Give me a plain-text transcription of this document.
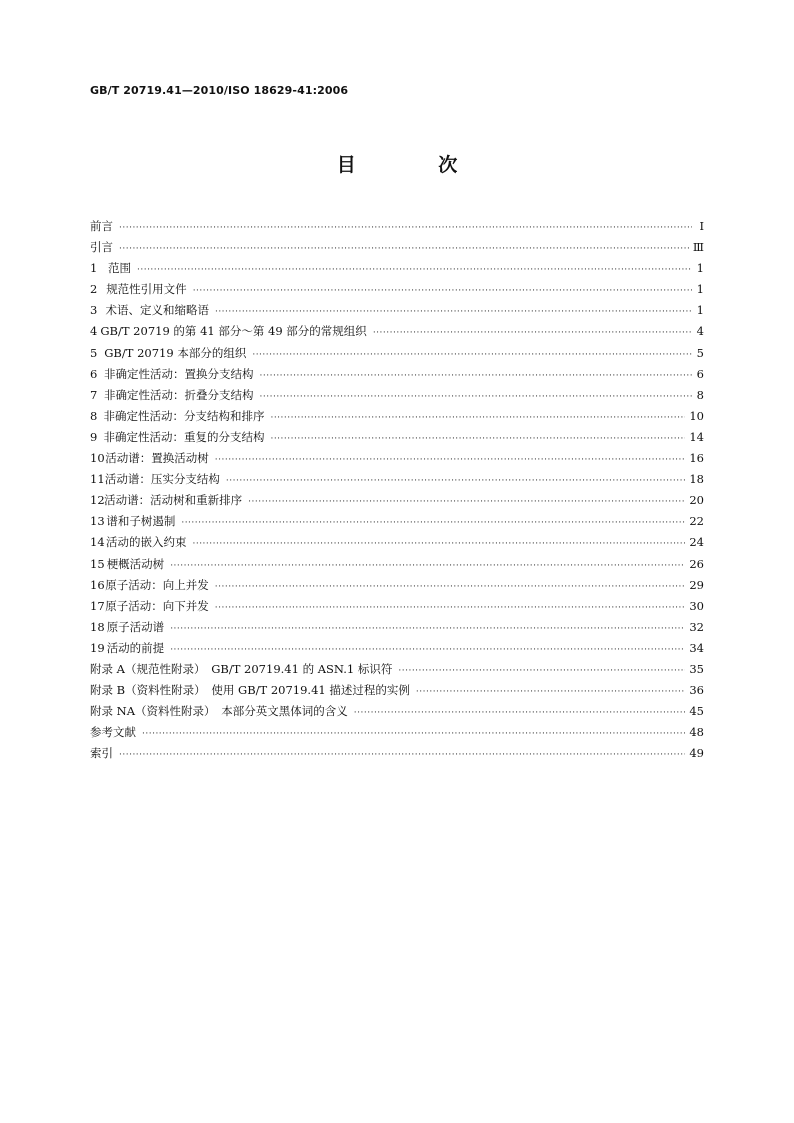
GB/T 20719.41—2010/ISO 18629-41:2006
目 次
前言 ·····	Ⅰ
引言 ·····	Ⅲ
1 范围 ·····	1
2 规范性引用文件 ·····	1
3 术语、定义和缩略语 ·····	1
4 GB/T 20719 的第 41 部分～第 49 部分的常规组织 ·····	4
5 GB/T 20719 本部分的组织 ·····	5
6 非确定性活动：置换分支结构 ·····	6
7 非确定性活动：折叠分支结构 ·····	8
8 非确定性活动：分支结构和排序 ·····	10
9 非确定性活动：重复的分支结构 ·····	14
10 活动谱：置换活动树 ·····	16
11 活动谱：压实分支结构 ·····	18
12 活动谱：活动树和重新排序 ·····	20
13 谱和子树遏制 ·····	22
14 活动的嵌入约束 ·····	24
15 梗概活动树 ·····	26
16 原子活动：向上并发 ·····	29
17 原子活动：向下并发 ·····	30
18 原子活动谱 ·····	32
19 活动的前提 ·····	34
附录 A（规范性附录）　GB/T 20719.41 的 ASN.1 标识符 ·····	35
附录 B（资料性附录）　使用 GB/T 20719.41 描述过程的实例 ·····	36
附录 NA（资料性附录）　本部分英文黑体词的含义 ·····	45
参考文献 ·····	48
索引 ·····	49
